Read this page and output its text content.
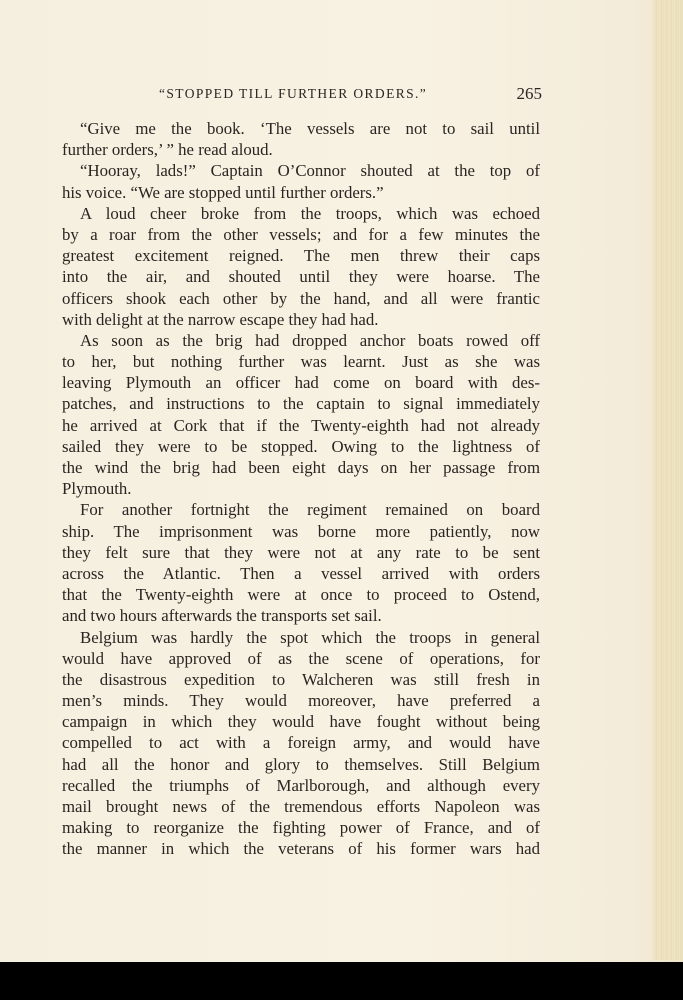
“STOPPED TILL FURTHER ORDERS.”	265
“Give me the book. ‘The vessels are not to sail until
further orders,’ ” he read aloud.
“Hooray, lads!” Captain O’Connor shouted at the top of
his voice. “We are stopped until further orders.”
A loud cheer broke from the troops, which was echoed
by a roar from the other vessels; and for a few minutes the
greatest excitement reigned. The men threw their caps
into the air, and shouted until they were hoarse. The
officers shook each other by the hand, and all were frantic
with delight at the narrow escape they had had.
As soon as the brig had dropped anchor boats rowed off
to her, but nothing further was learnt. Just as she was
leaving Plymouth an officer had come on board with des-
patches, and instructions to the captain to signal immediately
he arrived at Cork that if the Twenty-eighth had not already
sailed they were to be stopped. Owing to the lightness of
the wind the brig had been eight days on her passage from
Plymouth.
For another fortnight the regiment remained on board
ship. The imprisonment was borne more patiently, now
they felt sure that they were not at any rate to be sent
across the Atlantic. Then a vessel arrived with orders
that the Twenty-eighth were at once to proceed to Ostend,
and two hours afterwards the transports set sail.
Belgium was hardly the spot which the troops in general
would have approved of as the scene of operations, for
the disastrous expedition to Walcheren was still fresh in
men’s minds. They would moreover, have preferred a
campaign in which they would have fought without being
compelled to act with a foreign army, and would have
had all the honor and glory to themselves. Still Belgium
recalled the triumphs of Marlborough, and although every
mail brought news of the tremendous efforts Napoleon was
making to reorganize the fighting power of France, and of
the manner in which the veterans of his former wars had
